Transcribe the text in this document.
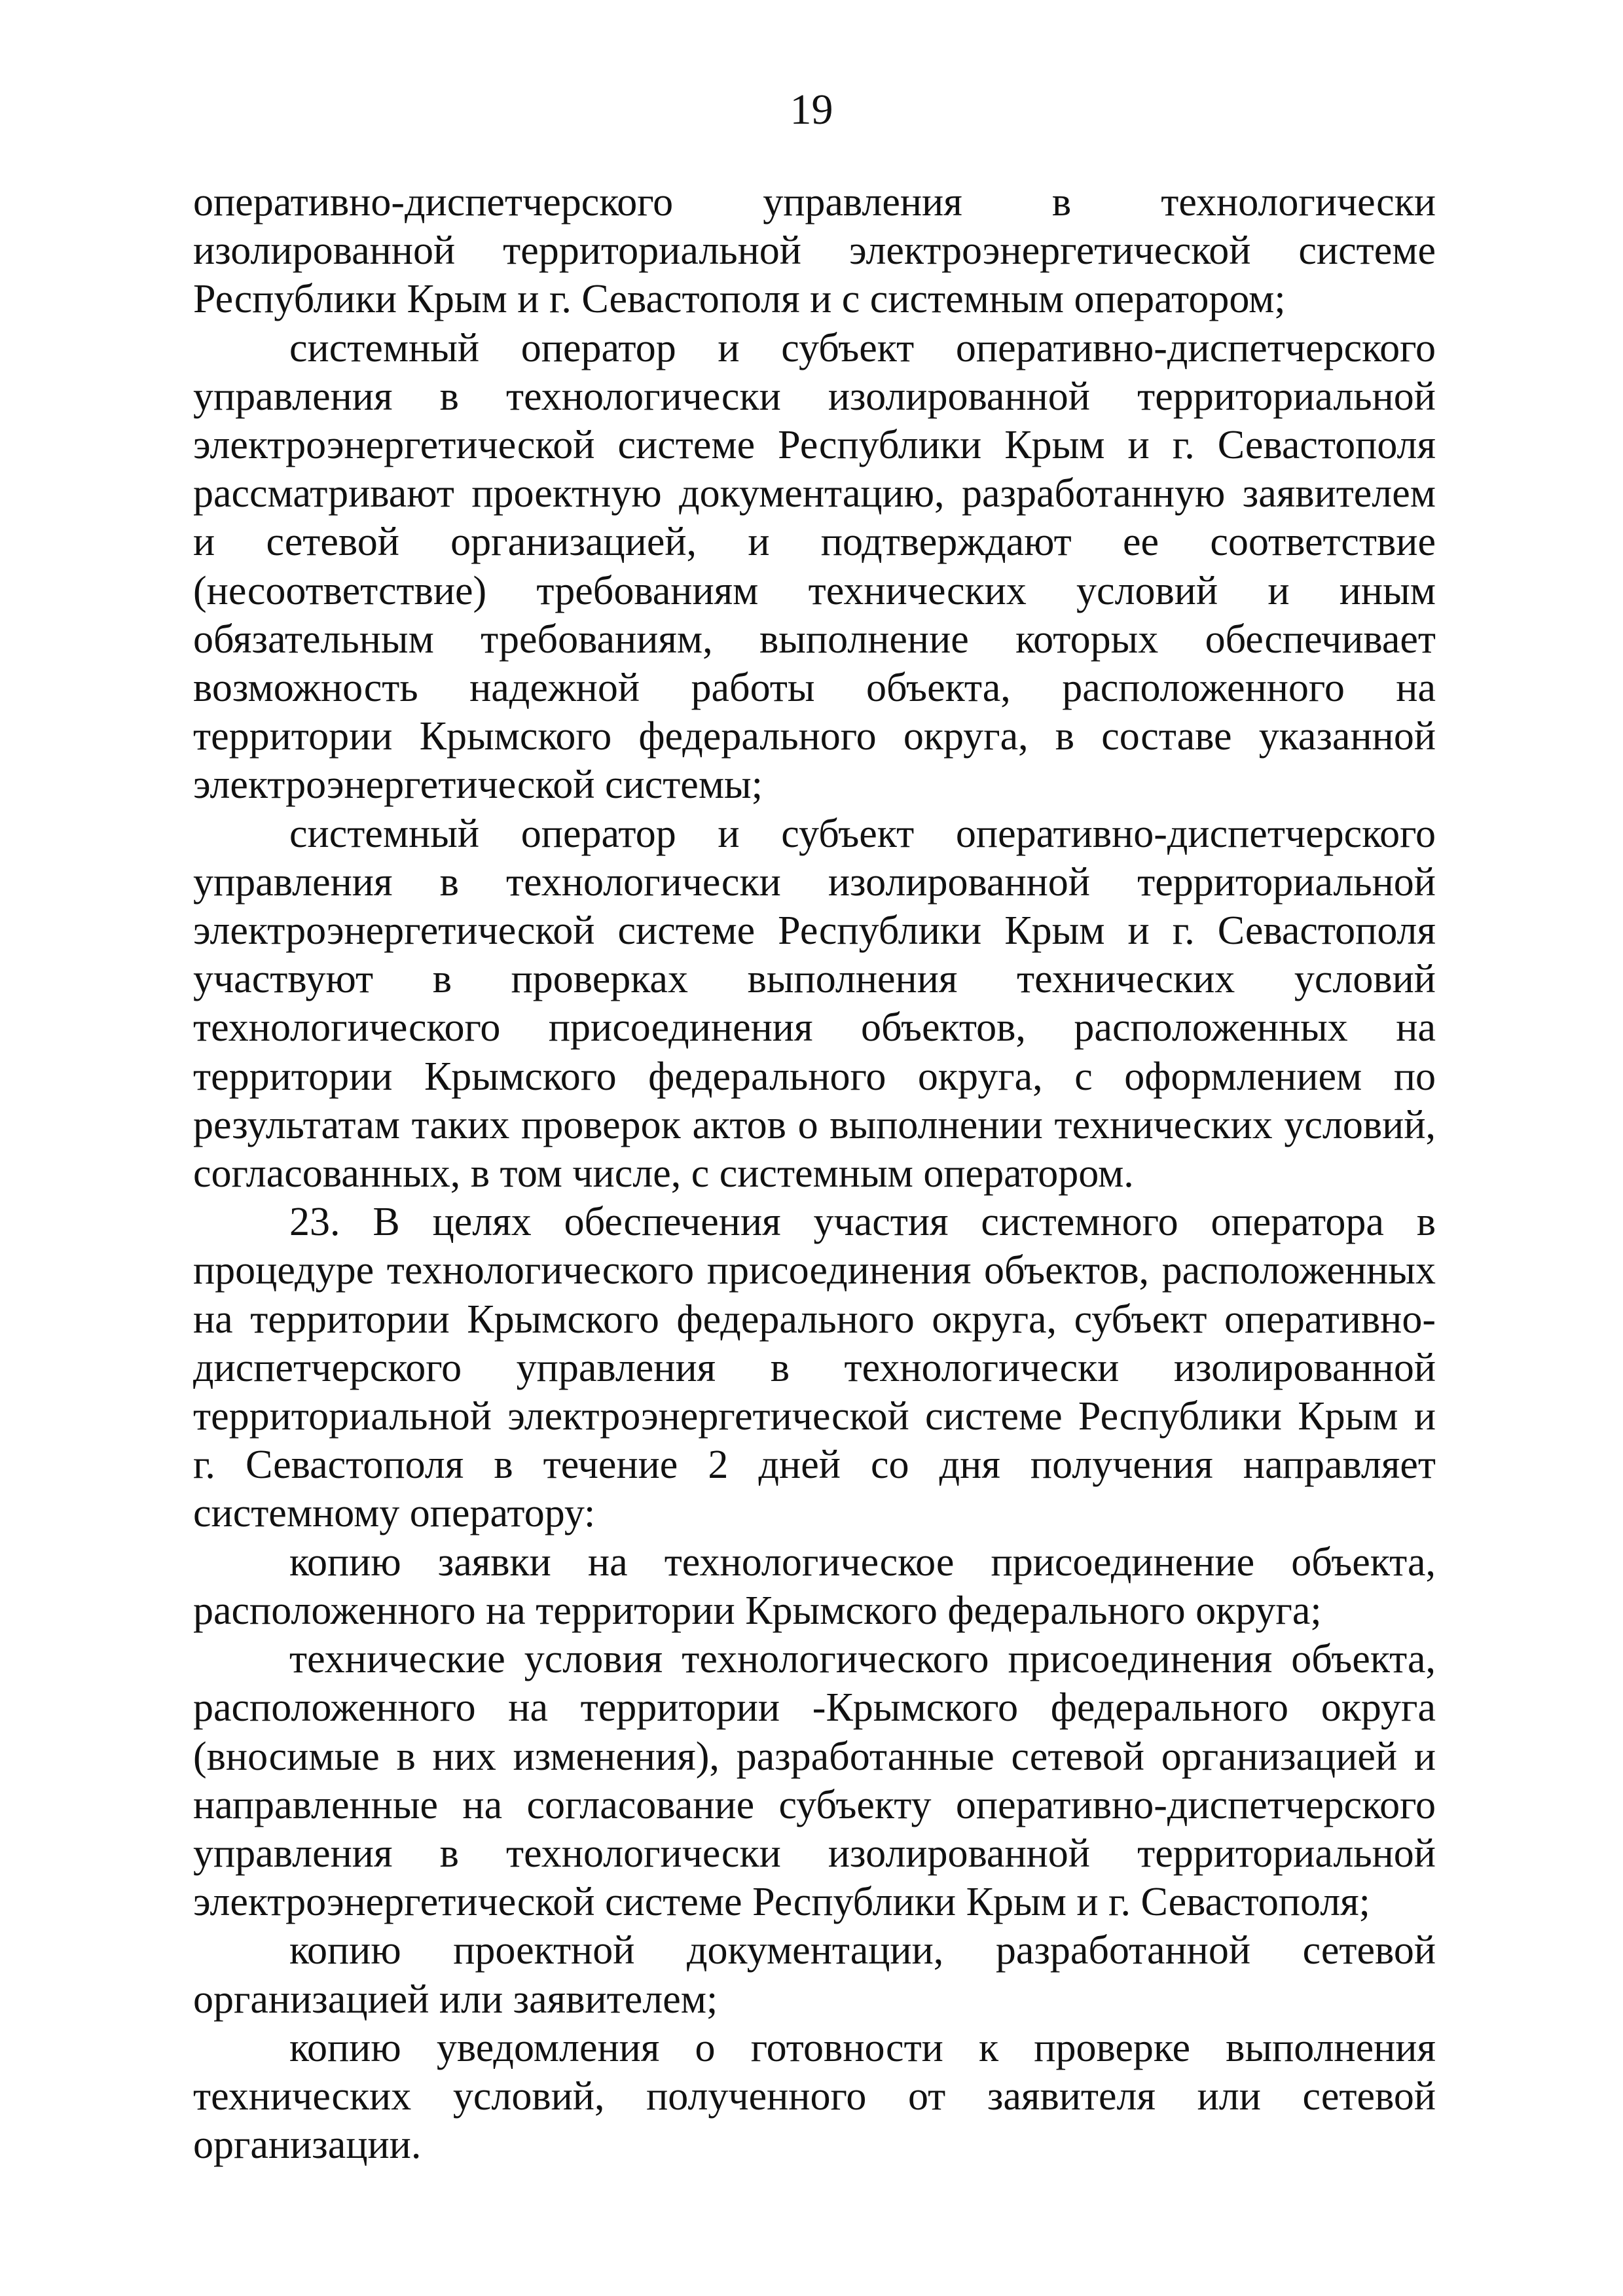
19

оперативно-диспетчерского управления в технологически изолированной территориальной электроэнергетической системе Республики Крым и г. Севастополя и с системным оператором;

системный оператор и субъект оперативно-диспетчерского управления в технологически изолированной территориальной электроэнергетической системе Республики Крым и г. Севастополя рассматривают проектную документацию, разработанную заявителем и сетевой организацией, и подтверждают ее соответствие (несоответствие) требованиям технических условий и иным обязательным требованиям, выполнение которых обеспечивает возможность надежной работы объекта, расположенного на территории Крымского федерального округа, в составе указанной электроэнергетической системы;

системный оператор и субъект оперативно-диспетчерского управления в технологически изолированной территориальной электроэнергетической системе Республики Крым и г. Севастополя участвуют в проверках выполнения технических условий технологического присоединения объектов, расположенных на территории Крымского федерального округа, с оформлением по результатам таких проверок актов о выполнении технических условий, согласованных, в том числе, с системным оператором.

23. В целях обеспечения участия системного оператора в процедуре технологического присоединения объектов, расположенных на территории Крымского федерального округа, субъект оперативно-диспетчерского управления в технологически изолированной территориальной электроэнергетической системе Республики Крым и г. Севастополя в течение 2 дней со дня получения направляет системному оператору:

копию заявки на технологическое присоединение объекта, расположенного на территории Крымского федерального округа;

технические условия технологического присоединения объекта, расположенного на территории -Крымского федерального округа (вносимые в них изменения), разработанные сетевой организацией и направленные на согласование субъекту оперативно-диспетчерского управления в технологически изолированной территориальной электроэнергетической системе Республики Крым и г. Севастополя;

копию проектной документации, разработанной сетевой организацией или заявителем;

копию уведомления о готовности к проверке выполнения технических условий, полученного от заявителя или сетевой организации.
